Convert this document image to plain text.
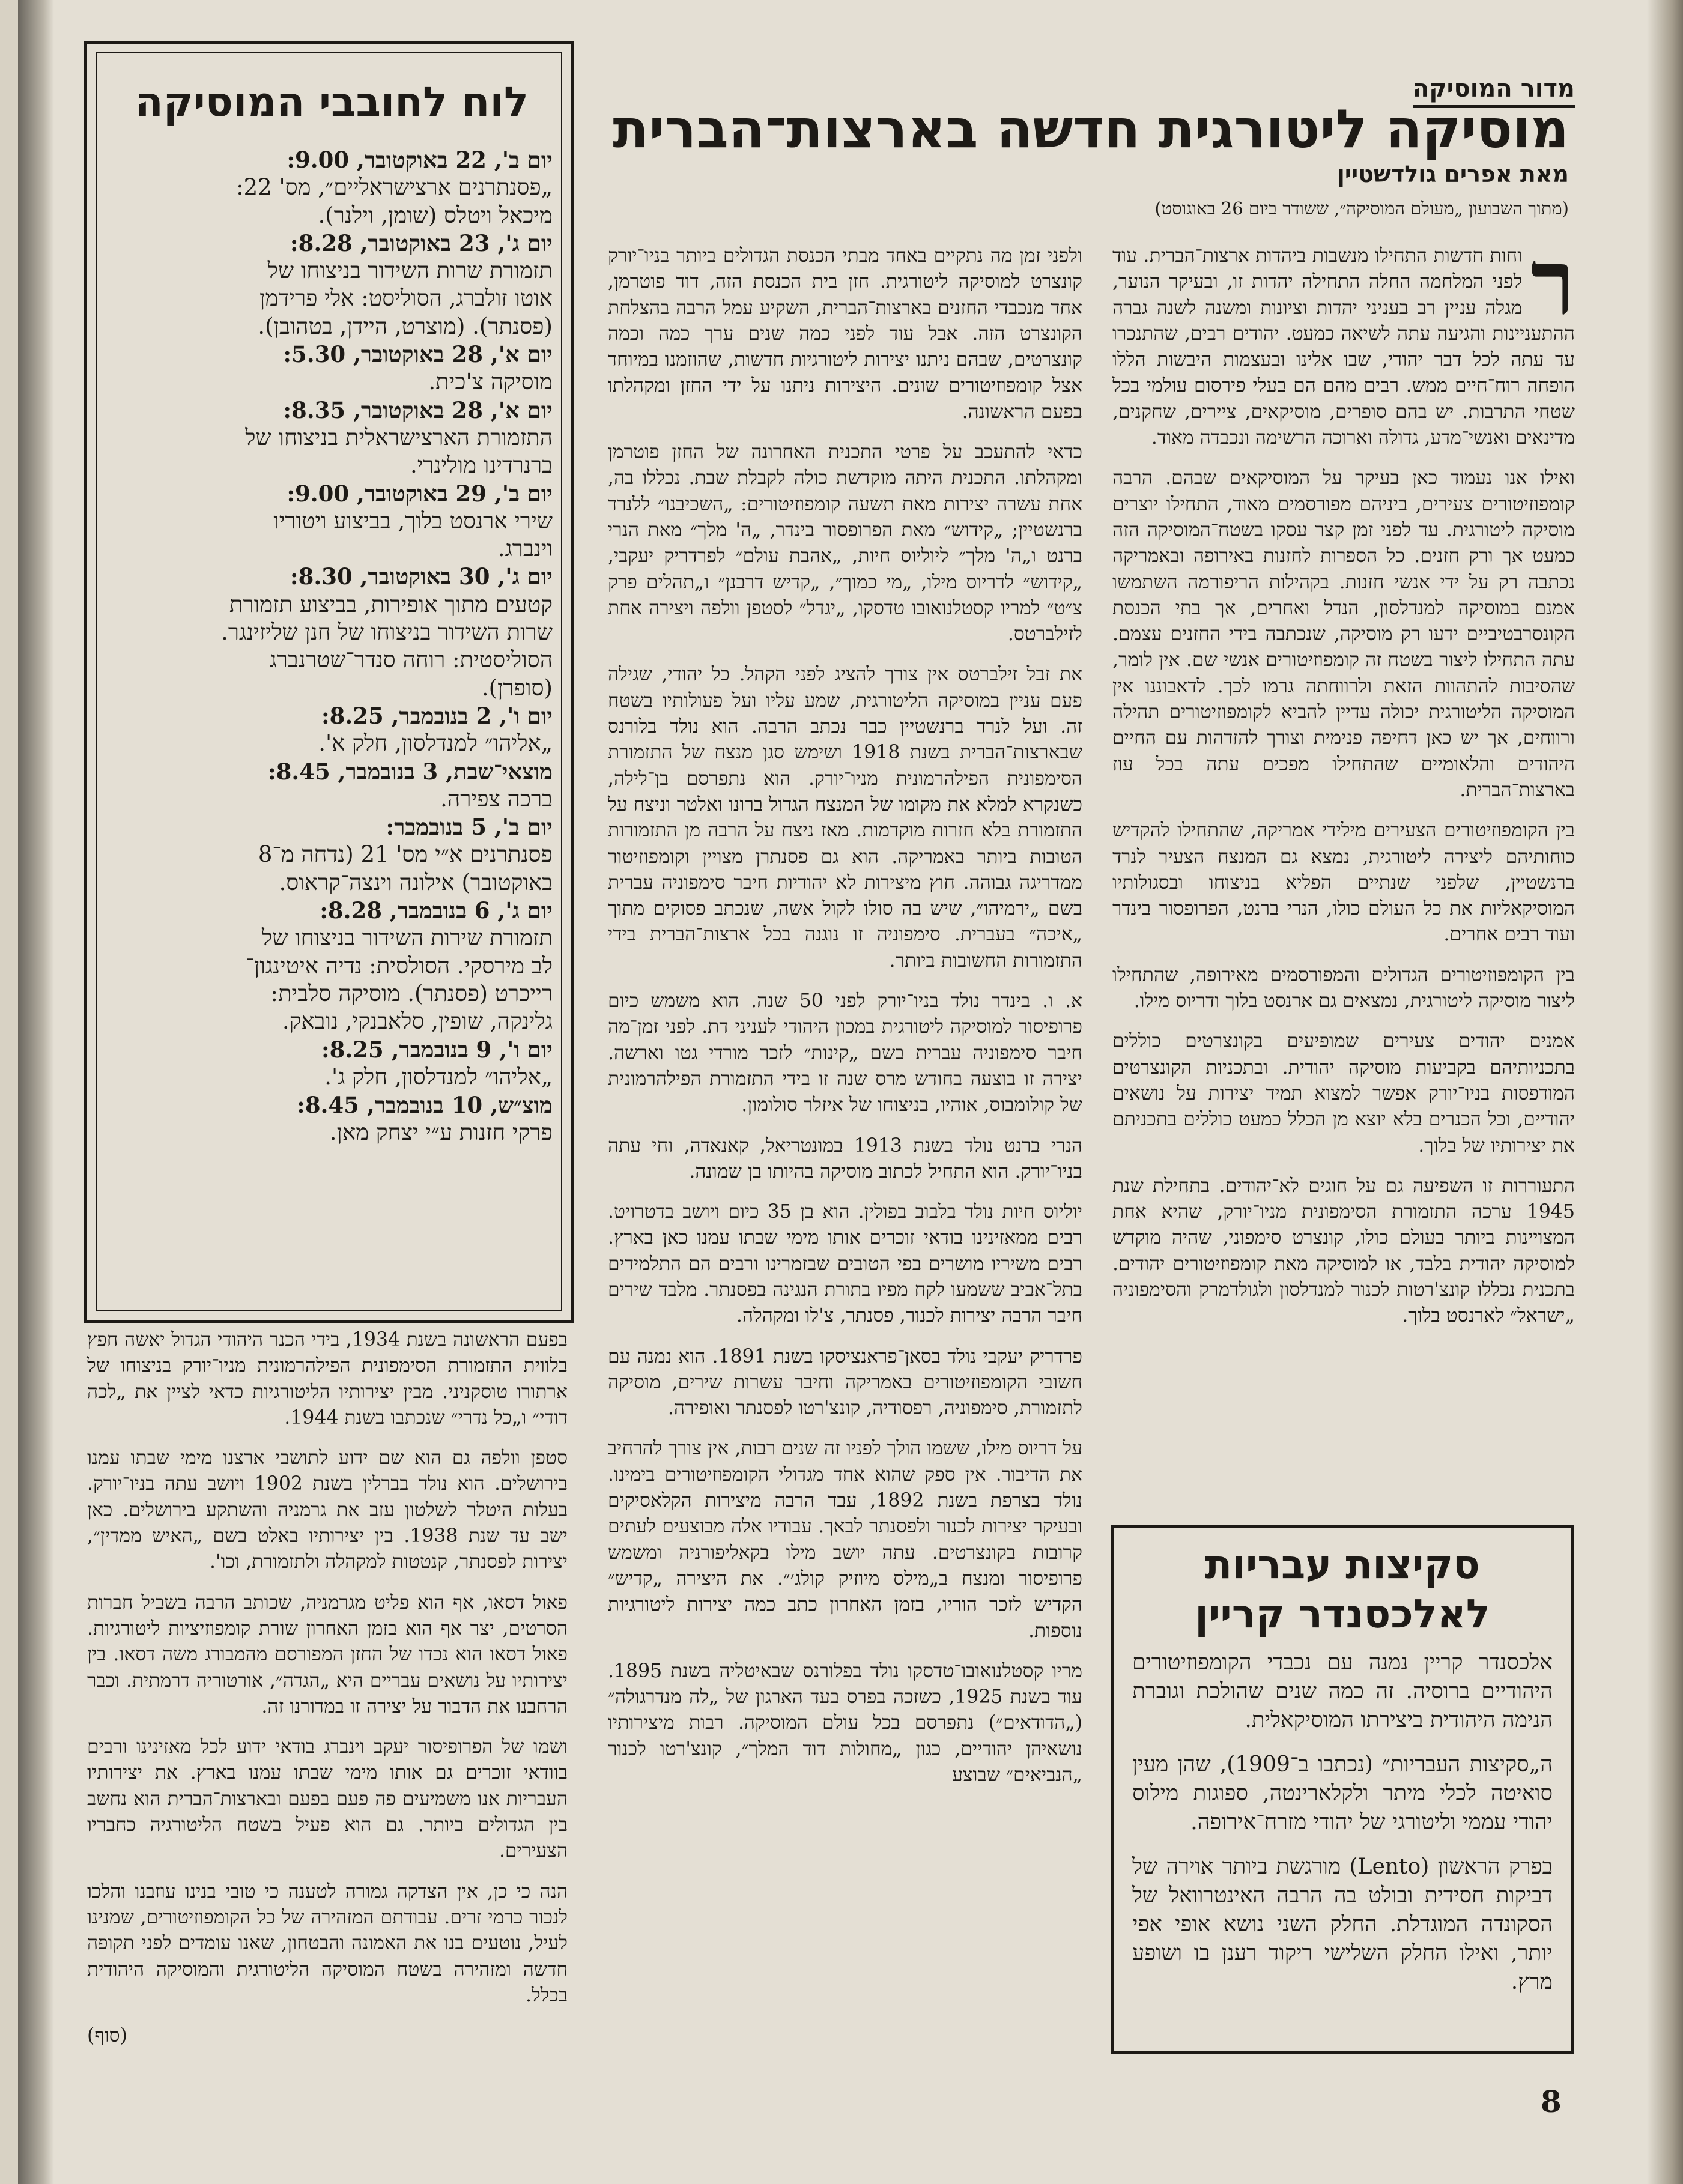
מדור המוסיקה
מוסיקה ליטורגית חדשה בארצות־הברית
מאת אפרים גולדשטיין
(מתוך השבועון „מעולם המוסיקה״, ששודר ביום 26 באוגוסט)

ר
וחות חדשות התחילו מנשבות ביהדות ארצות־הברית. עוד לפני המלחמה החלה התחילה יהדות זו, ובעיקר הנוער, מגלה עניין רב בעניני יהדות וציונות ומשנה לשנה גברה ההתעניינות והגיעה עתה לשיאה כמעט. יהודים רבים, שהתנכרו עד עתה לכל דבר יהודי, שבו אלינו ובעצמות היבשות הללו הופחה רוח־חיים ממש. רבים מהם הם בעלי פירסום עולמי בכל שטחי התרבות. יש בהם סופרים, מוסיקאים, ציירים, שחקנים, מדינאים ואנשי־מדע, גדולה וארוכה הרשימה ונכבדה מאוד.

ואילו אנו נעמוד כאן בעיקר על המוסיקאים שבהם. הרבה קומפוזיטורים צעירים, ביניהם מפורסמים מאוד, התחילו יוצרים מוסיקה ליטורגית. עד לפני זמן קצר עסקו בשטח־המוסיקה הזה כמעט אך ורק חזנים. כל הספרות לחזנות באירופה ובאמריקה נכתבה רק על ידי אנשי חזנות. בקהילות הריפורמה השתמשו אמנם במוסיקה למנדלסון, הנדל ואחרים, אך בתי הכנסת הקונסרבטיביים ידעו רק מוסיקה, שנכתבה בידי החזנים עצמם. עתה התחילו ליצור בשטח זה קומפוזיטורים אנשי שם. אין לומר, שהסיבות להתהוות הזאת ולרווחתה גרמו לכך. לדאבוננו אין המוסיקה הליטורגית יכולה עדיין להביא לקומפוזיטורים תהילה ורווחים, אך יש כאן דחיפה פנימית וצורך להזדהות עם החיים היהודים והלאומיים שהתחילו מפכים עתה בכל עוז בארצות־הברית.

בין הקומפוזיטורים הצעירים מילידי אמריקה, שהתחילו להקדיש כוחותיהם ליצירה ליטורגית, נמצא גם המנצח הצעיר לנרד ברנשטיין, שלפני שנתיים הפליא בניצוחו ובסגולותיו המוסיקאליות את כל העולם כולו, הנרי ברנט, הפרופסור בינדר ועוד רבים אחרים.

בין הקומפוזיטורים הגדולים והמפורסמים מאירופה, שהתחילו ליצור מוסיקה ליטורגית, נמצאים גם ארנסט בלוך ודריוס מילו.

אמנים יהודים צעירים שמופיעים בקונצרטים כוללים בתכניותיהם בקביעות מוסיקה יהודית. ובתכניות הקונצרטים המודפסות בניו־יורק אפשר למצוא תמיד יצירות על נושאים יהודיים, וכל הכנרים בלא יוצא מן הכלל כמעט כוללים בתכניתם את יצירותיו של בלוך.

התעוררות זו השפיעה גם על חוגים לא־יהודים. בתחילת שנת 1945 ערכה התזמורת הסימפונית מניו־יורק, שהיא אחת המצויינות ביותר בעולם כולו, קונצרט סימפוני, שהיה מוקדש למוסיקה יהודית בלבד, או למוסיקה מאת קומפוזיטורים יהודים. בתכנית נכללו קונצ'רטות לכנור למנדלסון ולגולדמרק והסימפוניה „ישראל״ לארנסט בלוך.

ולפני זמן מה נתקיים באחד מבתי הכנסת הגדולים ביותר בניו־יורק קונצרט למוסיקה ליטורגית. חזן בית הכנסת הזה, דוד פוטרמן, אחד מנכבדי החזנים בארצות־הברית, השקיע עמל הרבה בהצלחת הקונצרט הזה. אבל עוד לפני כמה שנים ערך כמה וכמה קונצרטים, שבהם ניתנו יצירות ליטורגיות חדשות, שהוזמנו במיוחד אצל קומפוזיטורים שונים. היצירות ניתנו על ידי החזן ומקהלתו בפעם הראשונה.

כדאי להתעכב על פרטי התכנית האחרונה של החזן פוטרמן ומקהלתו. התכנית היתה מוקדשת כולה לקבלת שבת. נכללו בה, אחת עשרה יצירות מאת תשעה קומפוזיטורים: „השכיבנו״ ללנרד ברנשטיין; „קידוש״ מאת הפרופסור בינדר, „ה' מלך״ מאת הנרי ברנט ו„ה' מלך״ ליוליוס חיות, „אהבת עולם״ לפרדריק יעקבי, „קידוש״ לדריוס מילו, „מי כמוך״, „קדיש דרבנן״ ו„תהלים פרק צ״ט״ למריו קסטלנואובו טדסקו, „יגדל״ לסטפן וולפה ויצירה אחת לזילברטס.

את זבל זילברטס אין צורך להציג לפני הקהל. כל יהודי, שגילה פעם עניין במוסיקה הליטורגית, שמע עליו ועל פעולותיו בשטח זה. ועל לנרד ברנשטיין כבר נכתב הרבה. הוא נולד בלורנס שבארצות־הברית בשנת 1918 ושימש סגן מנצח של התזמורת הסימפונית הפילהרמונית מניו־יורק. הוא נתפרסם בן־לילה, כשנקרא למלא את מקומו של המנצח הגדול ברונו ואלטר וניצח על התזמורת בלא חזרות מוקדמות. מאז ניצח על הרבה מן התזמורות הטובות ביותר באמריקה. הוא גם פסנתרן מצויין וקומפוזיטור ממדריגה גבוהה. חוץ מיצירות לא יהודיות חיבר סימפוניה עברית בשם „ירמיהו״, שיש בה סולו לקול אשה, שנכתב פסוקים מתוך „איכה״ בעברית. סימפוניה זו נוגנה בכל ארצות־הברית בידי התזמורות החשובות ביותר.

א. ו. בינדר נולד בניו־יורק לפני 50 שנה. הוא משמש כיום פרופיסור למוסיקה ליטורגית במכון היהודי לעניני דת. לפני זמן־מה חיבר סימפוניה עברית בשם „קינות״ לזכר מורדי גטו וארשה. יצירה זו בוצעה בחודש מרס שנה זו בידי התזמורת הפילהרמונית של קולומבוס, אוהיו, בניצוחו של איזלר סולומון.

הנרי ברנט נולד בשנת 1913 במונטריאל, קאנאדה, וחי עתה בניו־יורק. הוא התחיל לכתוב מוסיקה בהיותו בן שמונה.

יוליוס חיות נולד בלבוב בפולין. הוא בן 35 כיום ויושב בדטרויט. רבים ממאזינינו בודאי זוכרים אותו מימי שבתו עמנו כאן בארץ. רבים משיריו מושרים בפי הטובים שבזמרינו ורבים הם התלמידים בתל־אביב ששמעו לקח מפיו בתורת הנגינה בפסנתר. מלבד שירים חיבר הרבה יצירות לכנור, פסנתר, צ'לו ומקהלה.

פרדריק יעקבי נולד בסאן־פראנציסקו בשנת 1891. הוא נמנה עם חשובי הקומפוזיטורים באמריקה וחיבר עשרות שירים, מוסיקה לתזמורת, סימפוניה, רפסודיה, קונצ'רטו לפסנתר ואופירה.

על דריוס מילו, ששמו הולך לפניו זה שנים רבות, אין צורך להרחיב את הדיבור. אין ספק שהוא אחד מגדולי הקומפוזיטורים בימינו. נולד בצרפת בשנת 1892, עבד הרבה מיצירות הקלאסיקים ובעיקר יצירות לכנור ולפסנתר לבאך. עבודיו אלה מבוצעים לעתים קרובות בקונצרטים. עתה יושב מילו בקאליפורניה ומשמש פרופיסור ומנצח ב„מילס מיוזיק קולג׳״. את היצירה „קדיש״ הקדיש לזכר הוריו, בזמן האחרון כתב כמה יצירות ליטורגיות נוספות.

מריו קסטלנואובו־טדסקו נולד בפלורנס שבאיטליה בשנת 1895. עוד בשנת 1925, כשזכה בפרס בעד הארגון של „לה מנדרגולה״ („הדודאים״) נתפרסם בכל עולם המוסיקה. רבות מיצירותיו נושאיהן יהודיים, כגון „מחולות דוד המלך״, קונצ'רטו לכנור „הנביאים״ שבוצע

בפעם הראשונה בשנת 1934, בידי הכנר היהודי הגדול יאשה חפץ בלווית התזמורת הסימפונית הפילהרמונית מניו־יורק בניצוחו של ארתורו טוסקניני. מבין יצירותיו הליטורגיות כדאי לציין את „לכה דודי״ ו„כל נדרי״ שנכתבו בשנת 1944.

סטפן וולפה גם הוא שם ידוע לתושבי ארצנו מימי שבתו עמנו בירושלים. הוא נולד בברלין בשנת 1902 ויושב עתה בניו־יורק. בעלות היטלר לשלטון עזב את גרמניה והשתקע בירושלים. כאן ישב עד שנת 1938. בין יצירותיו באלט בשם „האיש ממדין״, יצירות לפסנתר, קנטטות למקהלה ולתזמורת, וכו'.

פאול דסאו, אף הוא פליט מגרמניה, שכותב הרבה בשביל חברות הסרטים, יצר אף הוא בזמן האחרון שורת קומפוזיציות ליטורגיות. פאול דסאו הוא נכדו של החזן המפורסם מהמבורג משה דסאו. בין יצירותיו על נושאים עבריים היא „הגדה״, אורטוריה דרמתית. וכבר הרחבנו את הדבור על יצירה זו במדורנו זה.

ושמו של הפרופיסור יעקב וינברג בודאי ידוע לכל מאזינינו ורבים בוודאי זוכרים גם אותו מימי שבתו עמנו בארץ. את יצירותיו העבריות אנו משמיעים פה פעם בפעם ובארצות־הברית הוא נחשב בין הגדולים ביותר. גם הוא פעיל בשטח הליטורגיה כחבריו הצעירים.

הנה כי כן, אין הצדקה גמורה לטענה כי טובי בנינו עוזבנו והלכו לנכור כרמי זרים. עבודתם המזהירה של כל הקומפוזיטורים, שמנינו לעיל, נוטעים בנו את האמונה והבטחון, שאנו עומדים לפני תקופה חדשה ומזהירה בשטח המוסיקה הליטורגית והמוסיקה היהודית בכלל.

(סוף)

לוח לחובבי המוסיקה
יום ב', 22 באוקטובר, 9.00:
„פסנתרנים ארצישראליים״, מס' 22:
מיכאל ויטלס (שומן, וילנר).
יום ג', 23 באוקטובר, 8.28:
תזמורת שרות השידור בניצוחו של
אוטו זולברג, הסוליסט: אלי פרידמן
(פסנתר). (מוצרט, היידן, בטהובן).
יום א', 28 באוקטובר, 5.30:
מוסיקה צ'כית.
יום א', 28 באוקטובר, 8.35:
התזמורת הארצישראלית בניצוחו של
ברנרדינו מולינרי.
יום ב', 29 באוקטובר, 9.00:
שירי ארנסט בלוך, בביצוע ויטוריו
וינברג.
יום ג', 30 באוקטובר, 8.30:
קטעים מתוך אופירות, בביצוע תזמורת
שרות השידור בניצוחו של חנן שליזינגר.
הסוליסטית: רוחה סנדר־שטרנברג
(סופרן).
יום ו', 2 בנובמבר, 8.25:
„אליהו״ למנדלסון, חלק א'.
מוצאי־שבת, 3 בנובמבר, 8.45:
ברכה צפירה.
יום ב', 5 בנובמבר:
פסנתרנים א״י מס' 21 (נדחה מ־8
באוקטובר) אילונה וינצה־קראוס.
יום ג', 6 בנובמבר, 8.28:
תזמורת שירות השידור בניצוחו של
לב מירסקי. הסולסית: נדיה איטינגון־
רייכרט (פסנתר). מוסיקה סלבית:
גלינקה, שופין, סלאבנקי, נובאק.
יום ו', 9 בנובמבר, 8.25:
„אליהו״ למנדלסון, חלק ג'.
מוצ״ש, 10 בנובמבר, 8.45:
פרקי חזנות ע״י יצחק מאן.
סקיצות עבריות לאלכסנדר קריין

אלכסנדר קריין נמנה עם נכבדי הקומפוזיטורים היהודיים ברוסיה. זה כמה שנים שהולכת וגוברת הנימה היהודית ביצירתו המוסיקאלית.

ה„סקיצות העבריות״ (נכתבו ב־1909), שהן מעין סואיטה לכלי מיתר ולקלארינטה, ספוגות מילוס יהודי עממי וליטורגי של יהודי מזרח־אירופה.

בפרק הראשון (Lento) מורגשת ביותר אוירה של דביקות חסידית ובולט בה הרבה האינטרוואל של הסקונדה המוגדלת. החלק השני נושא אופי אפי יותר, ואילו החלק השלישי ריקוד רענן בו ושופע מרץ.

8
